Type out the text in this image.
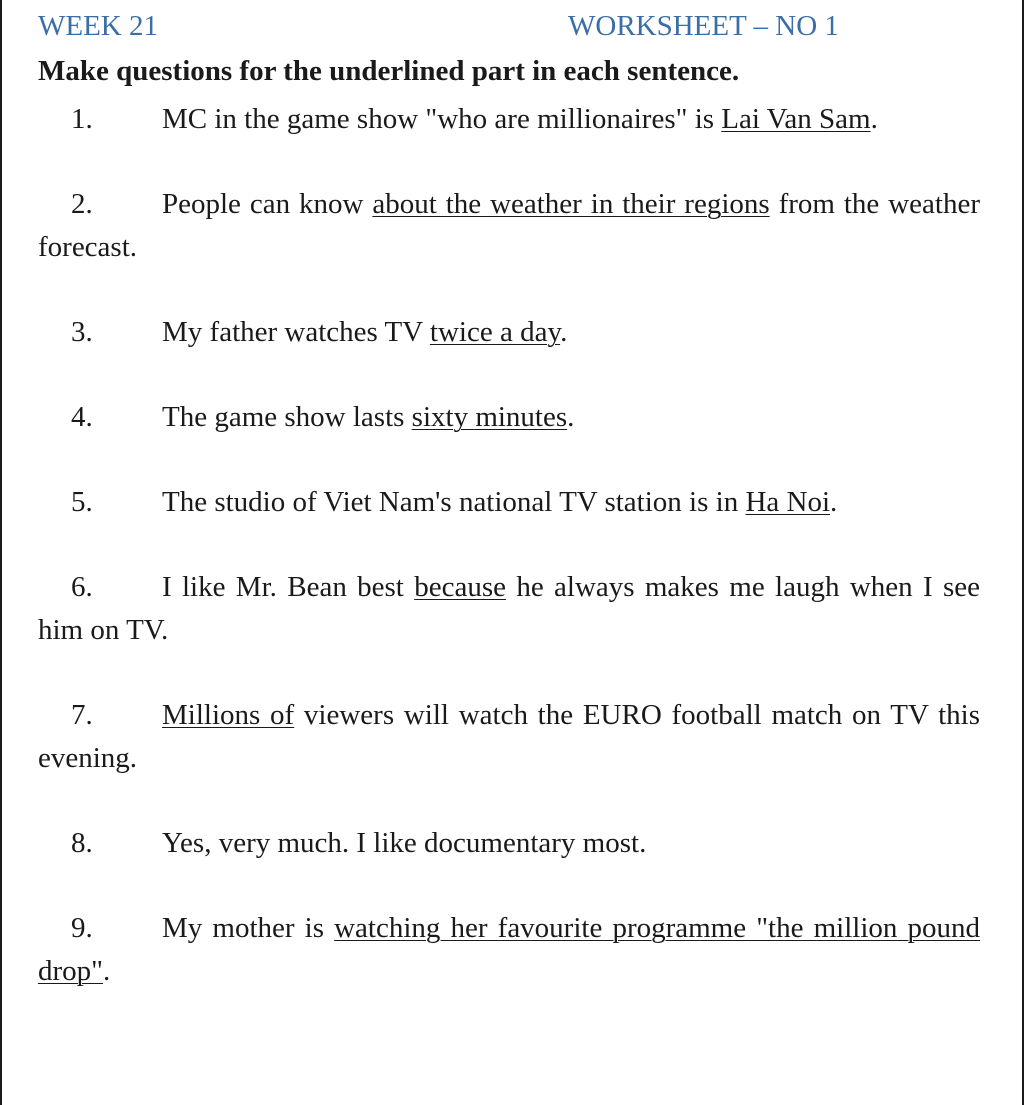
WEEK 21	WORKSHEET – NO 1
Make questions for the underlined part in each sentence.

1. MC in the game show "who are millionaires" is Lai Van Sam.

2. People can know about the weather in their regions from the weather forecast.

3. My father watches TV twice a day.

4. The game show lasts sixty minutes.

5. The studio of Viet Nam's national TV station is in Ha Noi.

6. I like Mr. Bean best because he always makes me laugh when I see him on TV.

7. Millions of viewers will watch the EURO football match on TV this evening.

8. Yes, very much. I like documentary most.

9. My mother is watching her favourite programme "the million pound drop".
